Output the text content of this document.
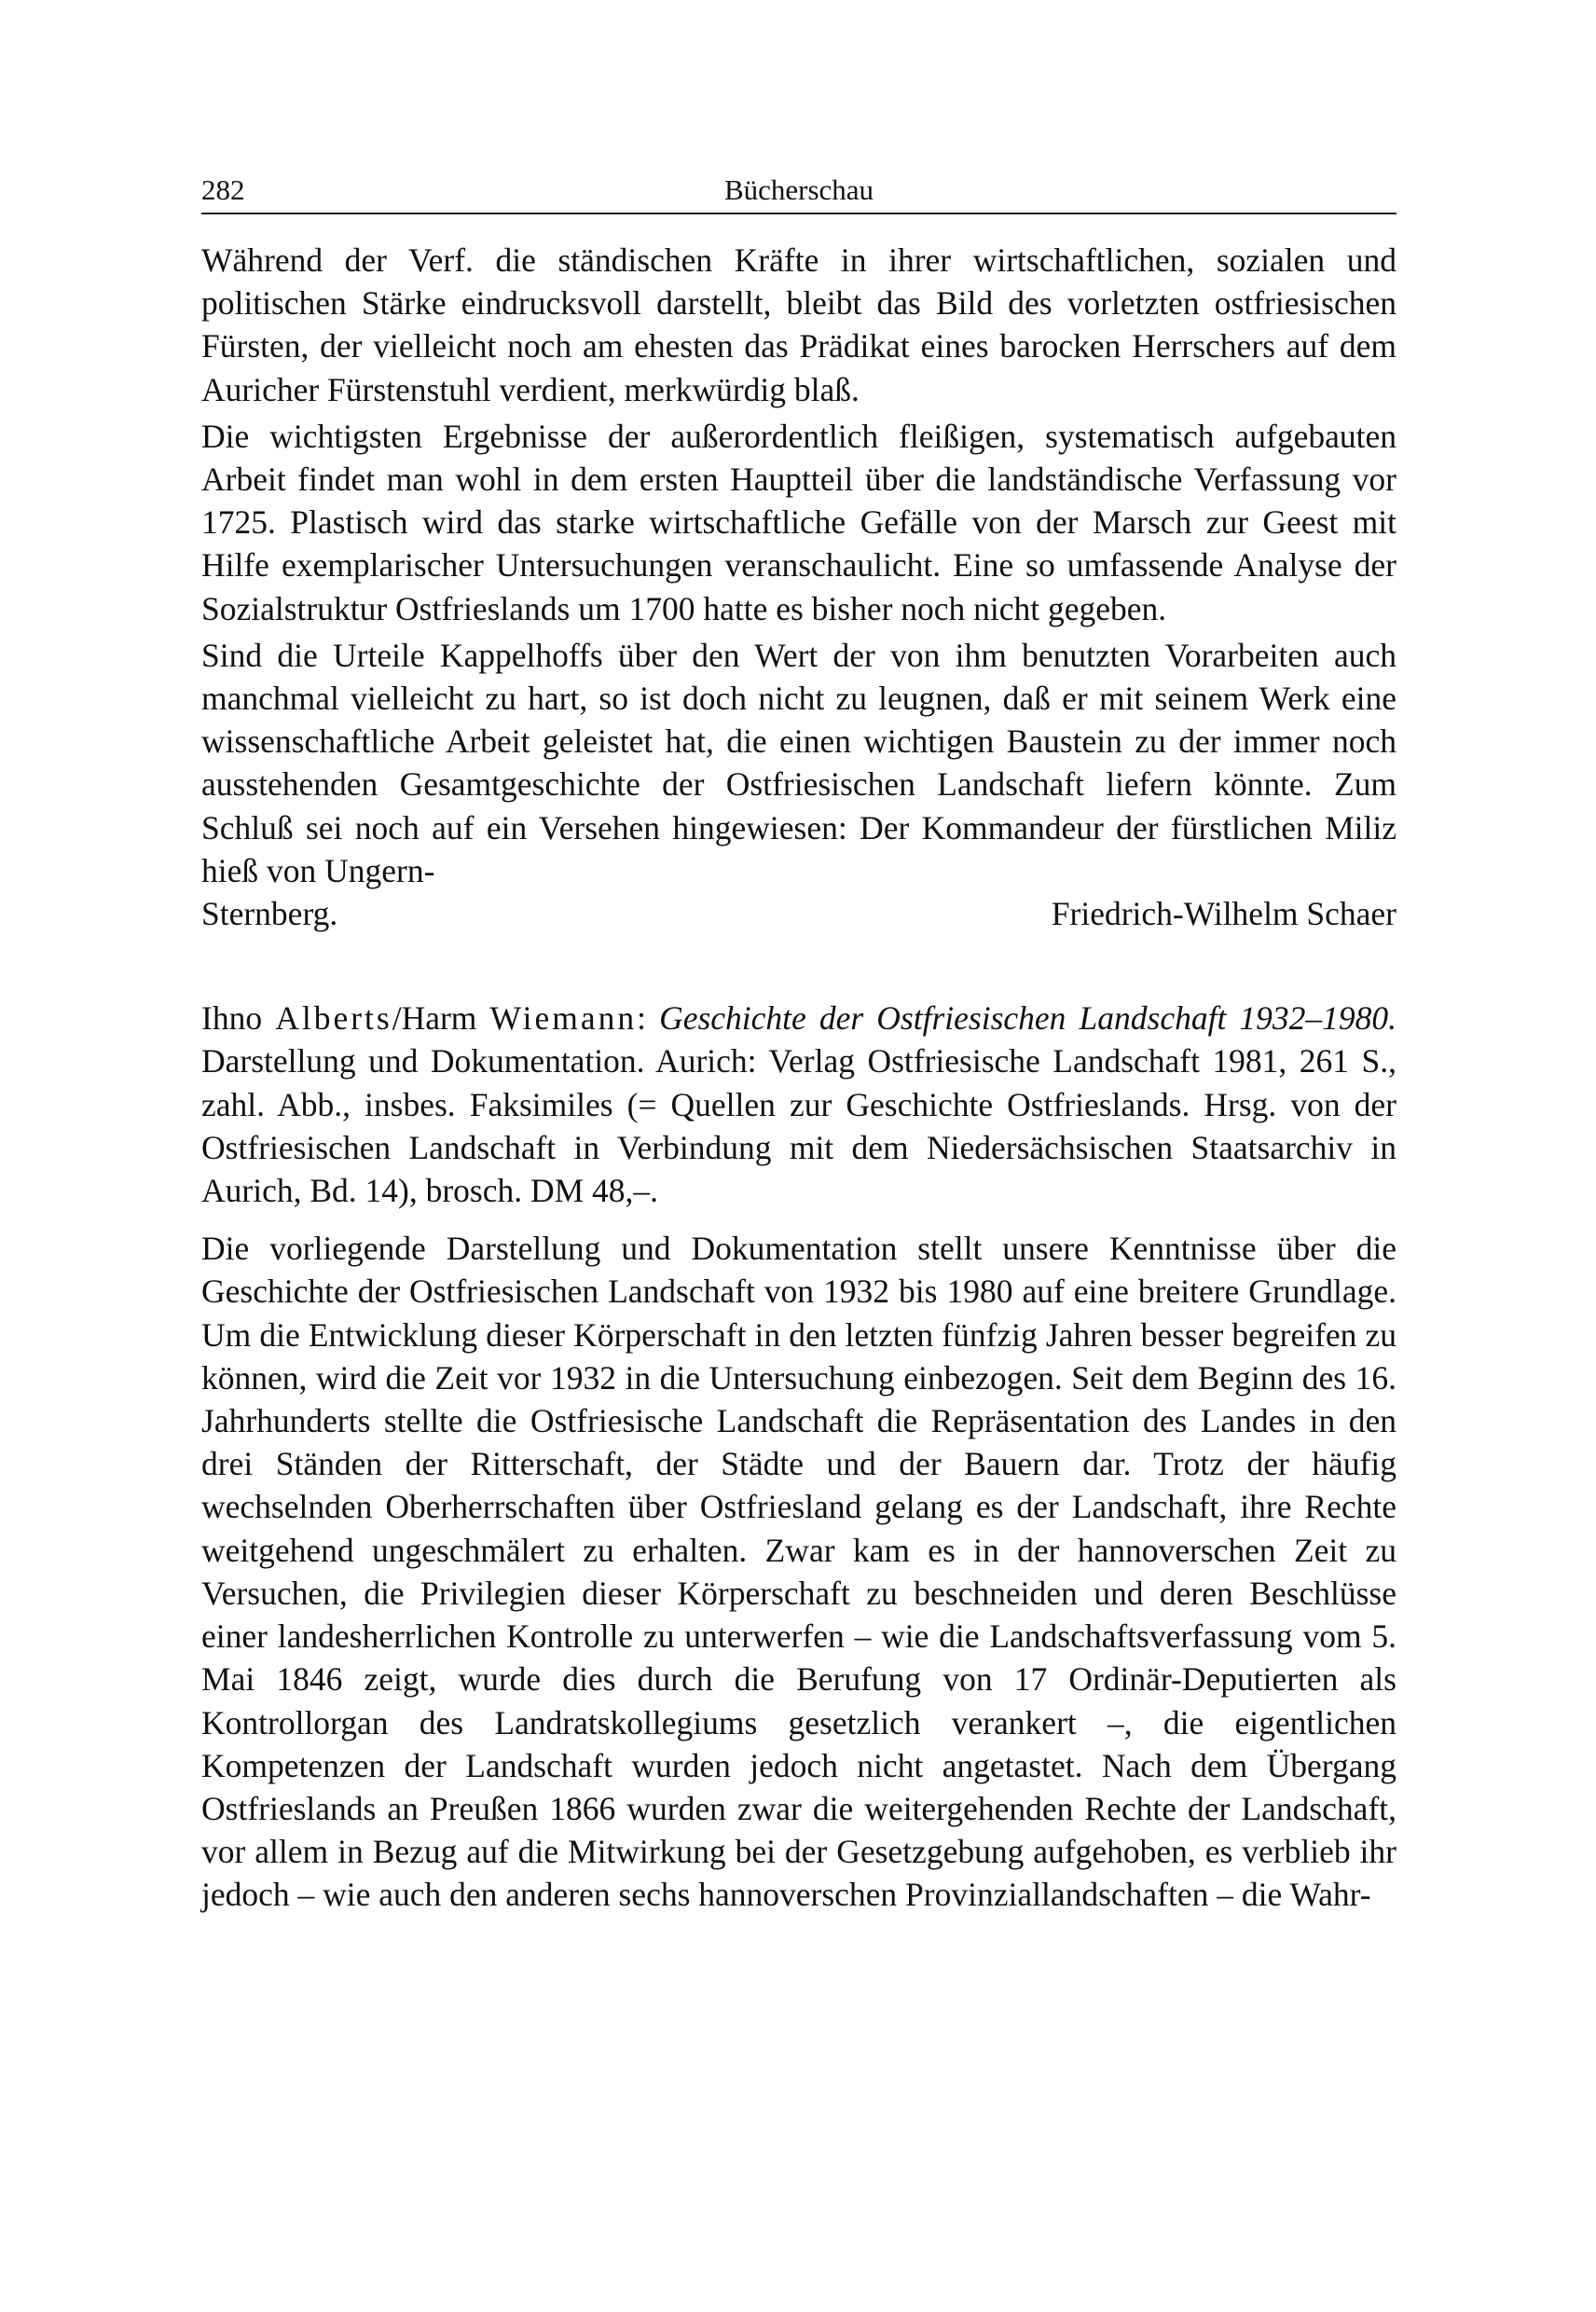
282	Bücherschau

Während der Verf. die ständischen Kräfte in ihrer wirtschaftlichen, sozialen und politischen Stärke eindrucksvoll darstellt, bleibt das Bild des vorletzten ostfriesischen Fürsten, der vielleicht noch am ehesten das Prädikat eines barocken Herrschers auf dem Auricher Fürstenstuhl verdient, merkwürdig blaß.

Die wichtigsten Ergebnisse der außerordentlich fleißigen, systematisch aufgebauten Arbeit findet man wohl in dem ersten Hauptteil über die landständische Verfassung vor 1725. Plastisch wird das starke wirtschaftliche Gefälle von der Marsch zur Geest mit Hilfe exemplarischer Untersuchungen veranschaulicht. Eine so umfassende Analyse der Sozialstruktur Ostfrieslands um 1700 hatte es bisher noch nicht gegeben.

Sind die Urteile Kappelhoffs über den Wert der von ihm benutzten Vorarbeiten auch manchmal vielleicht zu hart, so ist doch nicht zu leugnen, daß er mit seinem Werk eine wissenschaftliche Arbeit geleistet hat, die einen wichtigen Baustein zu der immer noch ausstehenden Gesamtgeschichte der Ostfriesischen Landschaft liefern könnte. Zum Schluß sei noch auf ein Versehen hingewiesen: Der Kommandeur der fürstlichen Miliz hieß von Ungern-
Sternberg.	Friedrich-Wilhelm Schaer

Ihno Alberts/Harm Wiemann: Geschichte der Ostfriesischen Landschaft 1932–1980. Darstellung und Dokumentation. Aurich: Verlag Ostfriesische Landschaft 1981, 261 S., zahl. Abb., insbes. Faksimiles (= Quellen zur Geschichte Ostfrieslands. Hrsg. von der Ostfriesischen Landschaft in Verbindung mit dem Niedersächsischen Staatsarchiv in Aurich, Bd. 14), brosch. DM 48,–.

Die vorliegende Darstellung und Dokumentation stellt unsere Kenntnisse über die Geschichte der Ostfriesischen Landschaft von 1932 bis 1980 auf eine breitere Grundlage. Um die Entwicklung dieser Körperschaft in den letzten fünfzig Jahren besser begreifen zu können, wird die Zeit vor 1932 in die Untersuchung einbezogen. Seit dem Beginn des 16. Jahrhunderts stellte die Ostfriesische Landschaft die Repräsentation des Landes in den drei Ständen der Ritterschaft, der Städte und der Bauern dar. Trotz der häufig wechselnden Oberherrschaften über Ostfriesland gelang es der Landschaft, ihre Rechte weitgehend ungeschmälert zu erhalten. Zwar kam es in der hannoverschen Zeit zu Versuchen, die Privilegien dieser Körperschaft zu beschneiden und deren Beschlüsse einer landesherrlichen Kontrolle zu unterwerfen – wie die Landschaftsverfassung vom 5. Mai 1846 zeigt, wurde dies durch die Berufung von 17 Ordinär-Deputierten als Kontrollorgan des Landratskollegiums gesetzlich verankert –, die eigentlichen Kompetenzen der Landschaft wurden jedoch nicht angetastet. Nach dem Übergang Ostfrieslands an Preußen 1866 wurden zwar die weitergehenden Rechte der Landschaft, vor allem in Bezug auf die Mitwirkung bei der Gesetzgebung aufgehoben, es verblieb ihr jedoch – wie auch den anderen sechs hannoverschen Provinziallandschaften – die Wahr-
